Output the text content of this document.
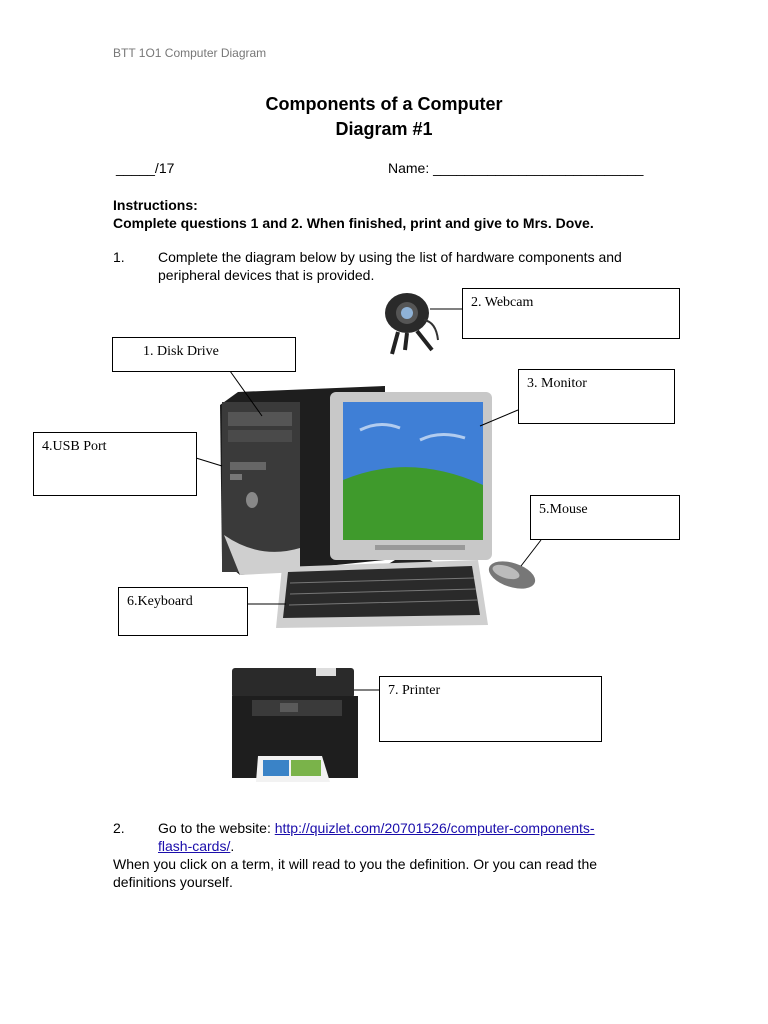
BTT 1O1 Computer Diagram
Components of a Computer
Diagram #1
_____/17	Name: ___________________________
Instructions:
Complete questions 1 and 2. When finished, print and give to Mrs. Dove.
1. Complete the diagram below by using the list of hardware components and peripheral devices that is provided.
2. Webcam
1. Disk Drive
3. Monitor
4.USB Port
5.Mouse
6.Keyboard
7. Printer
2. Go to the website: http://quizlet.com/20701526/computer-components-
flash-cards/.
When you click on a term, it will read to you the definition. Or you can read the definitions yourself.
